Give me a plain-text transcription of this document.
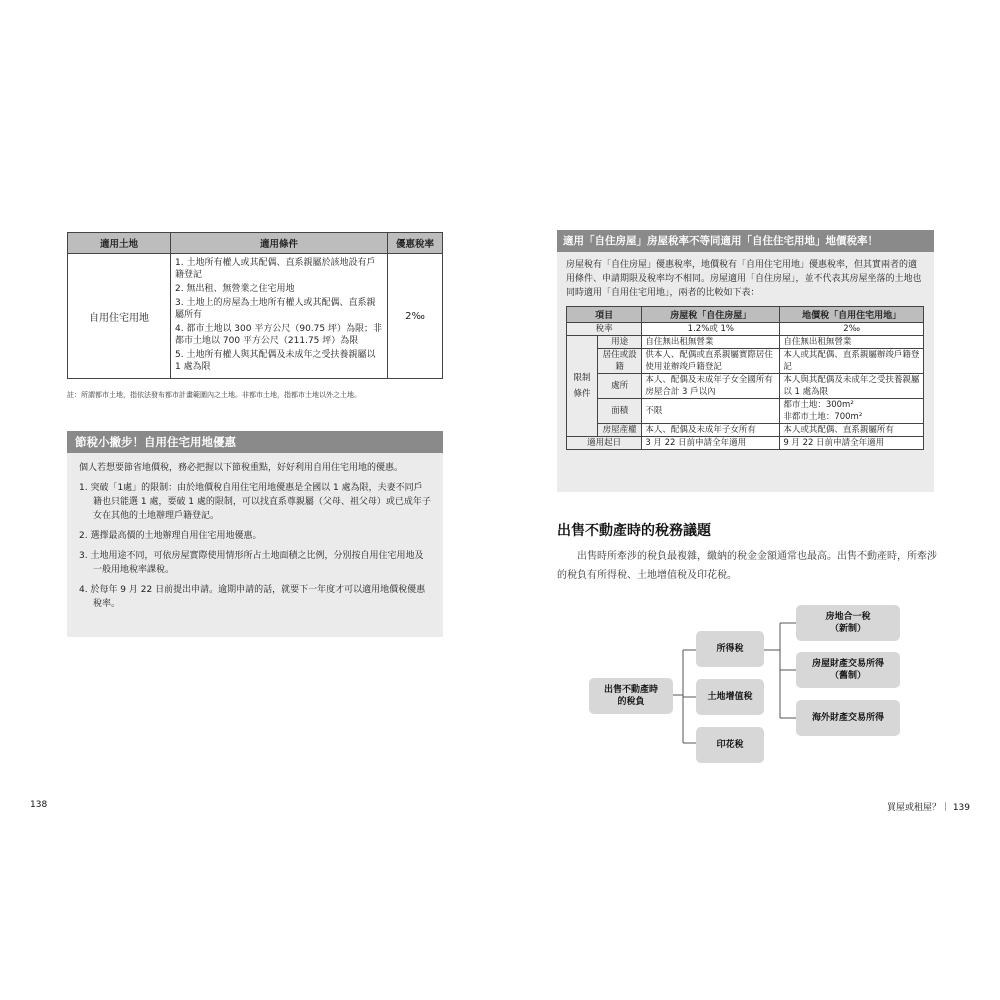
適用土地	適用條件	優惠稅率
自用住宅用地	1. 土地所有權人或其配偶、直系親屬於該地設有戶籍登記
2. 無出租、無營業之住宅用地
3. 土地上的房屋為土地所有權人或其配偶、直系親屬所有
4. 都市土地以 300 平方公尺（90.75 坪）為限；非都市土地以 700 平方公尺（211.75 坪）為限
5. 土地所有權人與其配偶及未成年之受扶養親屬以 1 處為限	2‰
註：所謂都市土地，指依法發布都市計畫範圍內之土地。非都市土地，指都市土地以外之土地。
節稅小撇步！自用住宅用地優惠
個人若想要節省地價稅，務必把握以下節稅重點，好好利用自用住宅用地的優惠。
1. 突破「1處」的限制：由於地價稅自用住宅用地優惠是全國以 1 處為限，夫妻不同戶籍也只能選 1 處，要破 1 處的限制，可以找直系尊親屬（父母、祖父母）或已成年子女在其他的土地辦理戶籍登記。
2. 選擇最高價的土地辦理自用住宅用地優惠。
3. 土地用途不同，可依房屋實際使用情形所占土地面積之比例，分別按自用住宅用地及一般用地稅率課稅。
4. 於每年 9 月 22 日前提出申請。逾期申請的話，就要下一年度才可以適用地價稅優惠稅率。
適用「自住房屋」房屋稅率不等同適用「自住住宅用地」地價稅率！
房屋稅有「自住房屋」優惠稅率，地價稅有「自用住宅用地」優惠稅率，但其實兩者的適用條件、申請期限及稅率均不相同。房屋適用「自住房屋」，並不代表其房屋坐落的土地也同時適用「自用住宅用地」，兩者的比較如下表：
項目		房屋稅「自住房屋」	地價稅「自用住宅用地」
稅率		1.2%或 1%	2‰
限制條件	用途	自住無出租無營業	自住無出租無營業
	居住或設籍	供本人、配偶或直系親屬實際居住使用並辦竣戶籍登記	本人或其配偶、直系親屬辦竣戶籍登記
	處所	本人、配偶及未成年子女全國所有房屋合計 3 戶以內	本人與其配偶及未成年之受扶養親屬以 1 處為限
	面積	不限	都市土地：300m²
非都市土地：700m²
	房屋產權	本人、配偶及未成年子女所有	本人或其配偶、直系親屬所有
適用起日		3 月 22 日前申請全年適用	9 月 22 日前申請全年適用
出售不動產時的稅務議題
出售時所牽涉的稅負最複雜，繳納的稅金金額通常也最高。出售不動產時，所牽涉的稅負有所得稅、土地增值稅及印花稅。
出售不動產時
的稅負
所得稅
土地增值稅
印花稅
房地合一稅
（新制）
房屋財產交易所得
（舊制）
海外財產交易所得
138	買屋或租屋？｜ 139
